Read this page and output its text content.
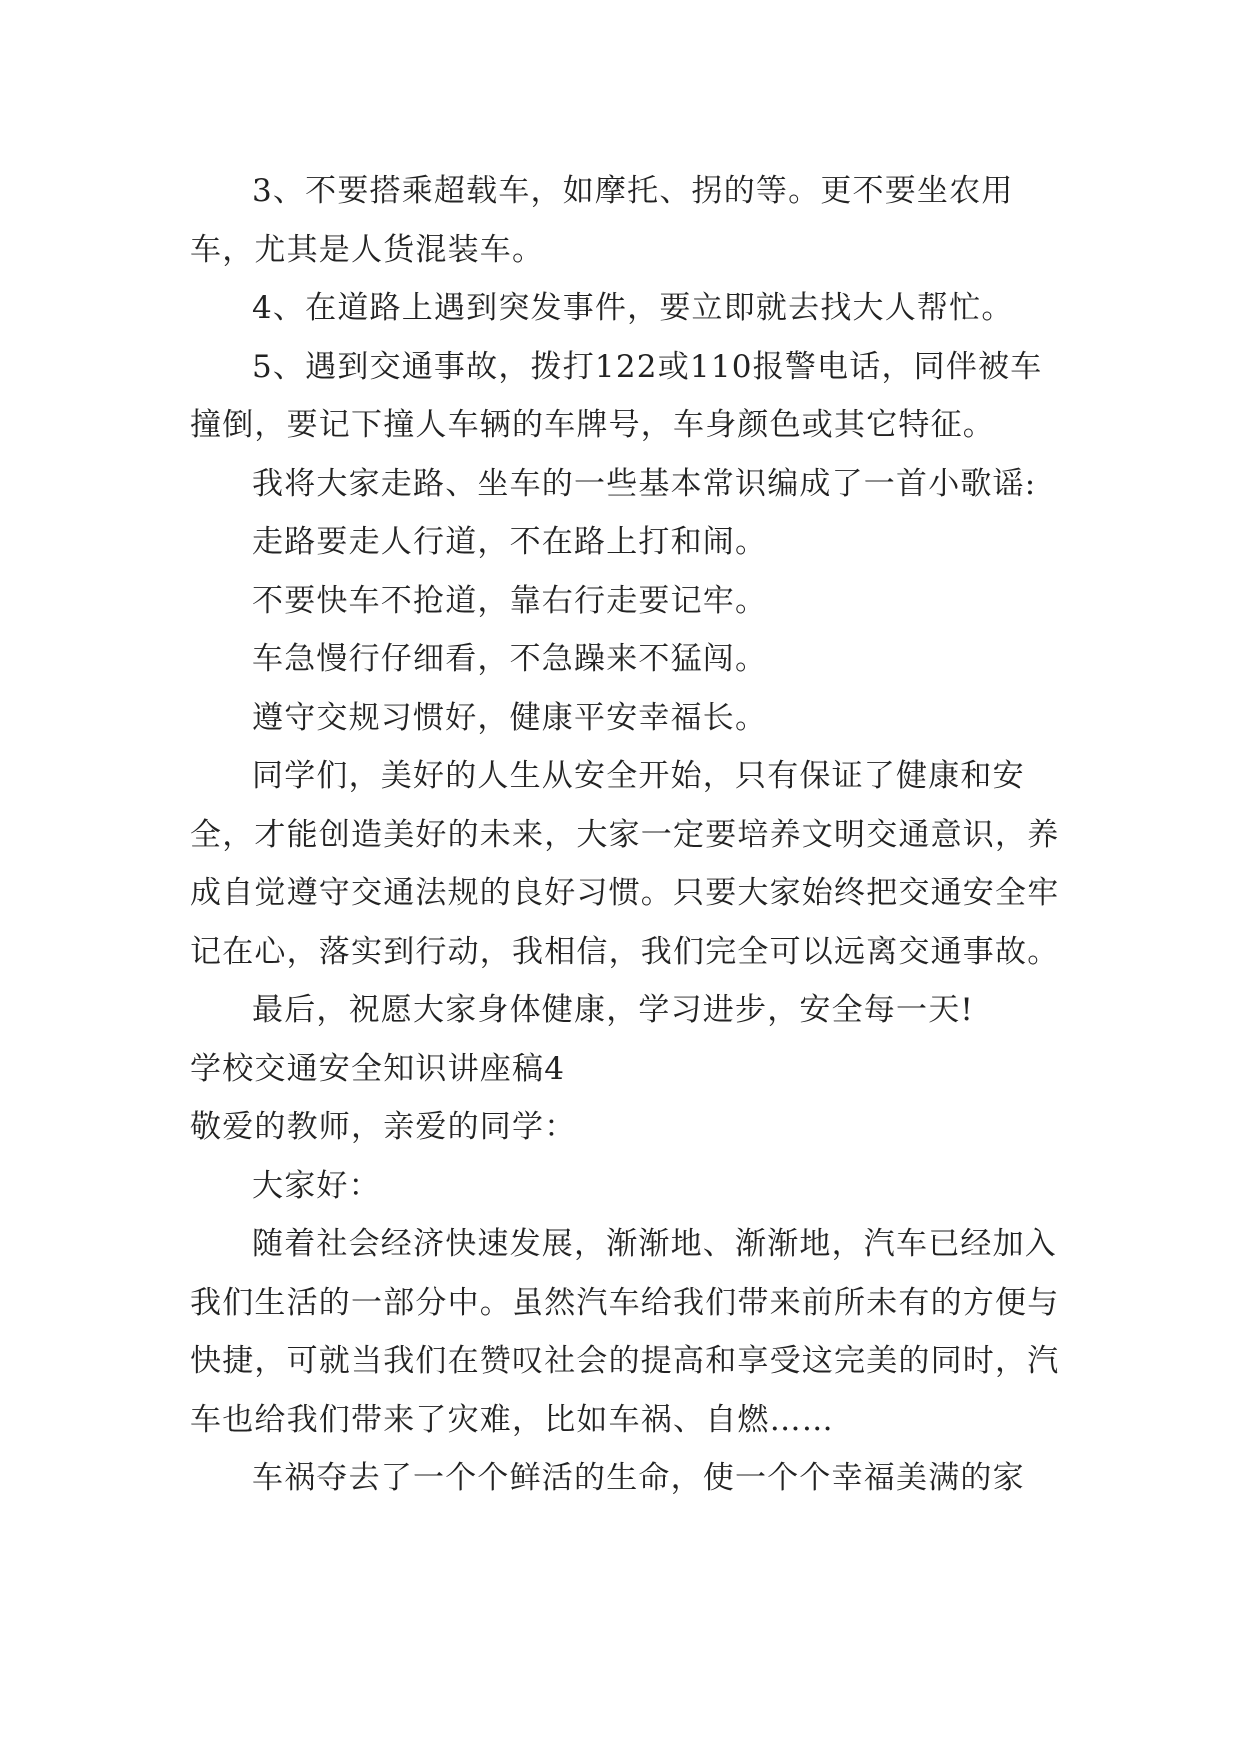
3、不要搭乘超载车，如摩托、拐的等。更不要坐农用车，尤其是人货混装车。

4、在道路上遇到突发事件，要立即就去找大人帮忙。

5、遇到交通事故，拨打122或110报警电话，同伴被车撞倒，要记下撞人车辆的车牌号，车身颜色或其它特征。

我将大家走路、坐车的一些基本常识编成了一首小歌谣:

走路要走人行道，不在路上打和闹。

不要快车不抢道，靠右行走要记牢。

车急慢行仔细看，不急躁来不猛闯。

遵守交规习惯好，健康平安幸福长。

同学们，美好的人生从安全开始，只有保证了健康和安全，才能创造美好的未来，大家一定要培养文明交通意识，养成自觉遵守交通法规的良好习惯。只要大家始终把交通安全牢记在心，落实到行动，我相信，我们完全可以远离交通事故。

最后，祝愿大家身体健康，学习进步，安全每一天!

学校交通安全知识讲座稿4

敬爱的教师，亲爱的同学：

大家好：

随着社会经济快速发展，渐渐地、渐渐地，汽车已经加入我们生活的一部分中。虽然汽车给我们带来前所未有的方便与快捷，可就当我们在赞叹社会的提高和享受这完美的同时，汽车也给我们带来了灾难，比如车祸、自燃……

车祸夺去了一个个鲜活的生命，使一个个幸福美满的家
